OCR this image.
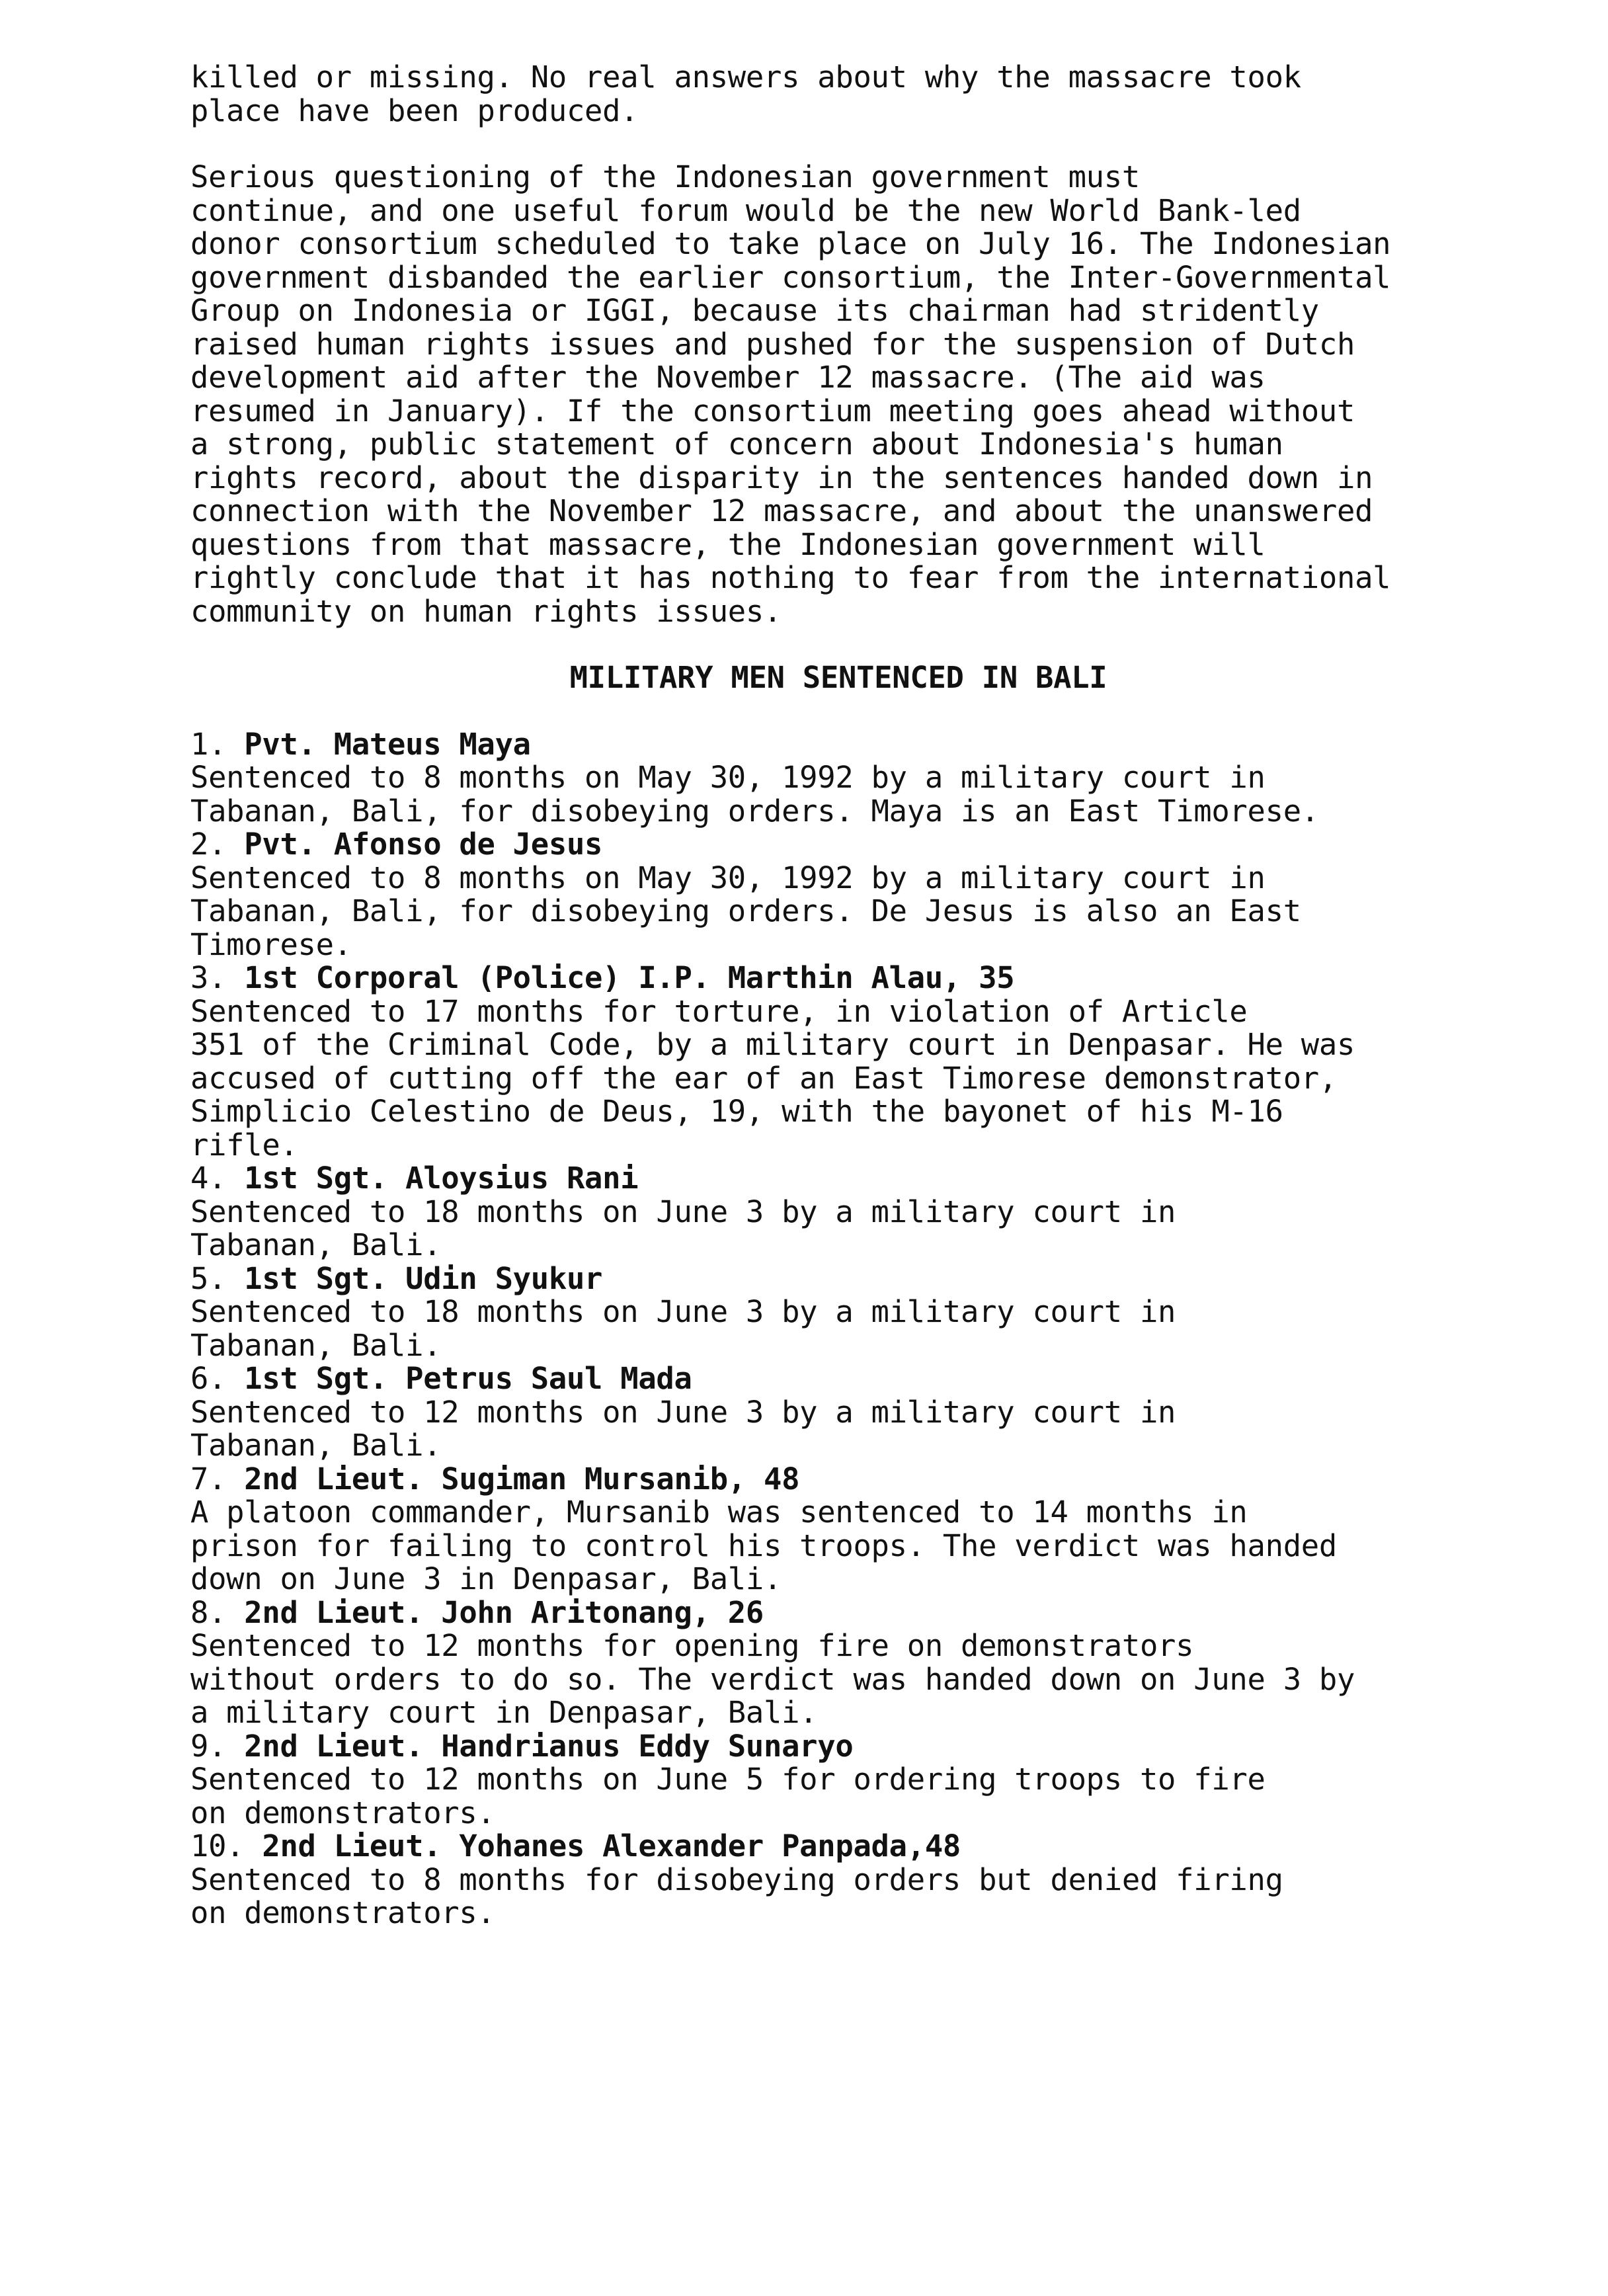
killed or missing. No real answers about why the massacre took
place have been produced.

Serious questioning of the Indonesian government must
continue, and one useful forum would be the new World Bank-led
donor consortium scheduled to take place on July 16. The Indonesian
government disbanded the earlier consortium, the Inter-Governmental
Group on Indonesia or IGGI, because its chairman had stridently
raised human rights issues and pushed for the suspension of Dutch
development aid after the November 12 massacre. (The aid was
resumed in January). If the consortium meeting goes ahead without
a strong, public statement of concern about Indonesia's human
rights record, about the disparity in the sentences handed down in
connection with the November 12 massacre, and about the unanswered
questions from that massacre, the Indonesian government will
rightly conclude that it has nothing to fear from the international
community on human rights issues.

MILITARY MEN SENTENCED IN BALI

1. Pvt. Mateus Maya

Sentenced to 8 months on May 30, 1992 by a military court in
Tabanan, Bali, for disobeying orders. Maya is an East Timorese.

2. Pvt. Afonso de Jesus

Sentenced to 8 months on May 30, 1992 by a military court in
Tabanan, Bali, for disobeying orders. De Jesus is also an East
Timorese.

3. 1st Corporal (Police) I.P. Marthin Alau, 35

Sentenced to 17 months for torture, in violation of Article
351 of the Criminal Code, by a military court in Denpasar. He was
accused of cutting off the ear of an East Timorese demonstrator,
Simplicio Celestino de Deus, 19, with the bayonet of his M-16
rifle.

4. 1st Sgt. Aloysius Rani

Sentenced to 18 months on June 3 by a military court in
Tabanan, Bali.

5. 1st Sgt. Udin Syukur

Sentenced to 18 months on June 3 by a military court in
Tabanan, Bali.

6. 1st Sgt. Petrus Saul Mada

Sentenced to 12 months on June 3 by a military court in
Tabanan, Bali.

7. 2nd Lieut. Sugiman Mursanib, 48

A platoon commander, Mursanib was sentenced to 14 months in
prison for failing to control his troops. The verdict was handed
down on June 3 in Denpasar, Bali.

8. 2nd Lieut. John Aritonang, 26

Sentenced to 12 months for opening fire on demonstrators
without orders to do so. The verdict was handed down on June 3 by
a military court in Denpasar, Bali.

9. 2nd Lieut. Handrianus Eddy Sunaryo

Sentenced to 12 months on June 5 for ordering troops to fire
on demonstrators.

10. 2nd Lieut. Yohanes Alexander Panpada,48

Sentenced to 8 months for disobeying orders but denied firing
on demonstrators.
